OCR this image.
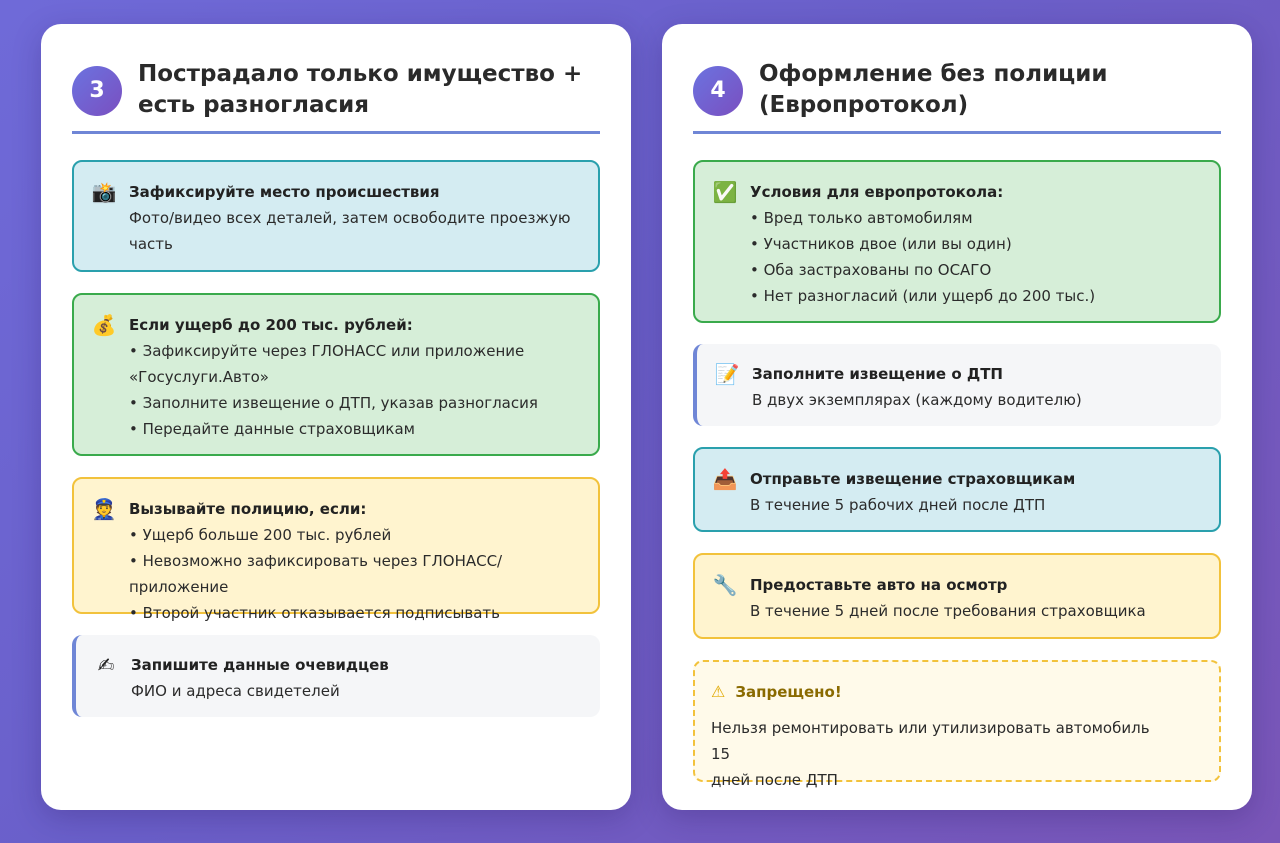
3
Пострадало только имущество +
есть разногласия
📸 Зафиксируйте место происшествия
Фото/видео всех деталей, затем освободите проезжую
часть
💰 Если ущерб до 200 тыс. рублей:
• Зафиксируйте через ГЛОНАСС или приложение
«Госуслуги.Авто»
• Заполните извещение о ДТП, указав разногласия
• Передайте данные страховщикам
👮 Вызывайте полицию, если:
• Ущерб больше 200 тыс. рублей
• Невозможно зафиксировать через ГЛОНАСС/приложение
• Второй участник отказывается подписывать
✍	Запишите данные очевидцев
ФИО и адреса свидетелей
4
Оформление без полиции
(Европротокол)
✅ Условия для европротокола:
• Вред только автомобилям
• Участников двое (или вы один)
• Оба застрахованы по ОСАГО
• Нет разногласий (или ущерб до 200 тыс.)
📝 Заполните извещение о ДТП
В двух экземплярах (каждому водителю)
📤 Отправьте извещение страховщикам
В течение 5 рабочих дней после ДТП
🔧 Предоставьте авто на осмотр
В течение 5 дней после требования страховщика
⚠ Запрещено!
Нельзя ремонтировать или утилизировать автомобиль 15
дней после ДТП
